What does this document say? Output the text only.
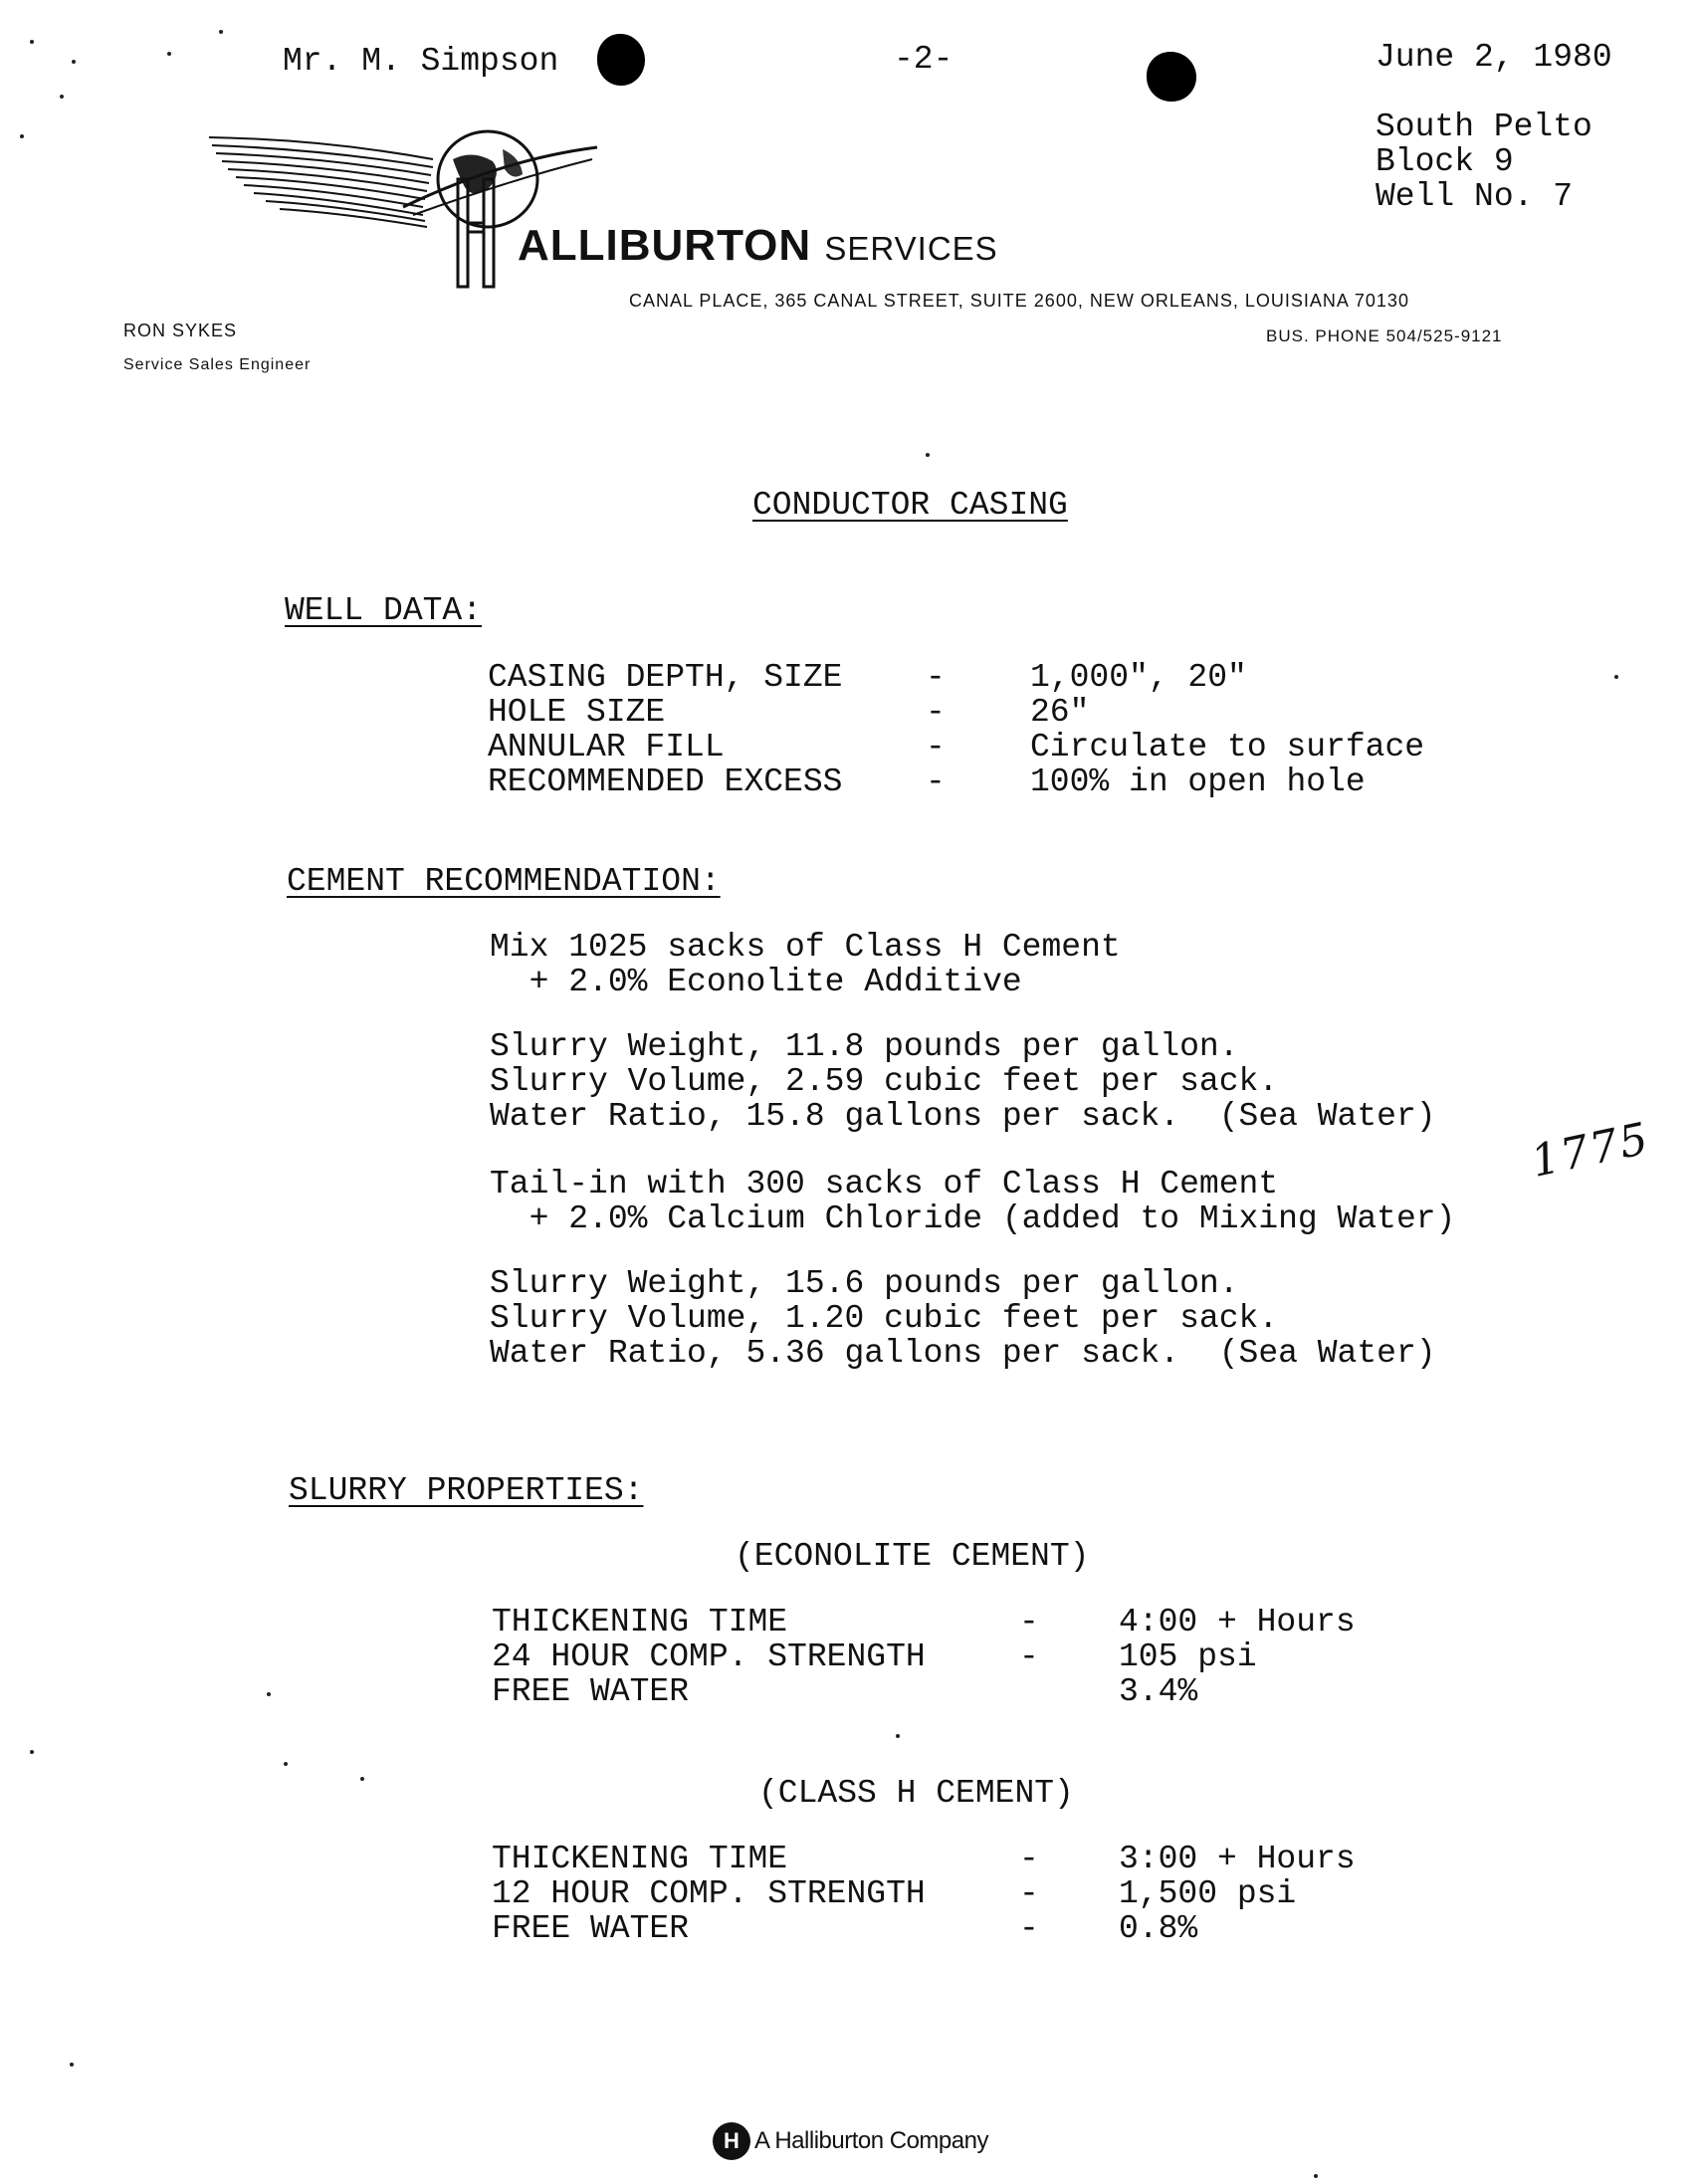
Mr. M. Simpson	-2-	June 2, 1980
South Pelto
Block 9
Well No. 7
ALLIBURTON SERVICES
CANAL PLACE, 365 CANAL STREET, SUITE 2600, NEW ORLEANS, LOUISIANA 70130
BUS. PHONE 504/525-9121
RON SYKES
Service Sales Engineer
CONDUCTOR CASING
WELL DATA:
CASING DEPTH, SIZE	-	1,000", 20"
HOLE SIZE	-	26"
ANNULAR FILL	-	Circulate to surface
RECOMMENDED EXCESS	-	100% in open hole
CEMENT RECOMMENDATION:
Mix 1025 sacks of Class H Cement
+ 2.0% Econolite Additive
Slurry Weight, 11.8 pounds per gallon.
Slurry Volume, 2.59 cubic feet per sack.
Water Ratio, 15.8 gallons per sack.  (Sea Water)
Tail-in with 300 sacks of Class H Cement
+ 2.0% Calcium Chloride (added to Mixing Water)
Slurry Weight, 15.6 pounds per gallon.
Slurry Volume, 1.20 cubic feet per sack.
Water Ratio, 5.36 gallons per sack.  (Sea Water)
1775
SLURRY PROPERTIES:
(ECONOLITE CEMENT)
THICKENING TIME	-	4:00 + Hours
24 HOUR COMP. STRENGTH	-	105 psi
FREE WATER		3.4%
(CLASS H CEMENT)
THICKENING TIME	-	3:00 + Hours
12 HOUR COMP. STRENGTH	-	1,500 psi
FREE WATER	-	0.8%
H A Halliburton Company
